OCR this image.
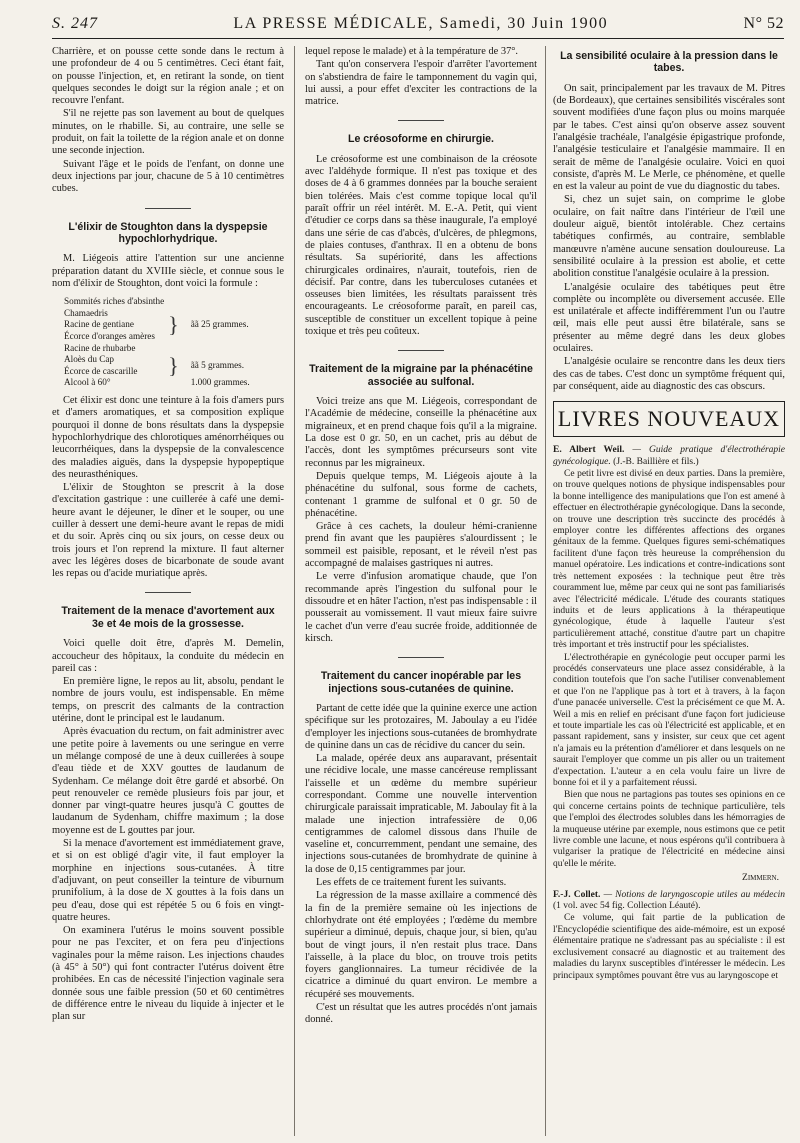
S. 247	LA PRESSE MÉDICALE, Samedi, 30 Juin 1900	N° 52

Charrière, et on pousse cette sonde dans le rectum à une profondeur de 4 ou 5 centimètres. Ceci étant fait, on pousse l'injection, et, en retirant la sonde, on tient quelques secondes le doigt sur la région anale ; et on recouvre l'enfant.

S'il ne rejette pas son lavement au bout de quelques minutes, on le rhabille. Si, au contraire, une selle se produit, on fait la toilette de la région anale et on donne une seconde injection.

Suivant l'âge et le poids de l'enfant, on donne une deux injections par jour, chacune de 5 à 10 centimètres cubes.

L'élixir de Stoughton dans la dyspepsie hypochlorhydrique.

M. Liégeois attire l'attention sur une ancienne préparation datant du XVIIIe siècle, et connue sous le nom d'élixir de Stoughton, dont voici la formule :

Sommités riches d'absinthe	}	ãã 25 grammes.
Chamaedris		
Racine de gentiane		
Écorce d'oranges amères		
Racine de rhubarbe		
Aloès du Cap	}	ãã 5 grammes.
Écorce de cascarille		
Alcool à 60°		1.000 grammes.

Cet élixir est donc une teinture à la fois d'amers purs et d'amers aromatiques, et sa composition explique pourquoi il donne de bons résultats dans la dyspepsie hypochlorhydrique des chlorotiques aménorrhéiques ou leucorrhéiques, dans la dyspepsie de la convalescence des maladies aiguës, dans la dyspepsie hypopeptique des neurasthéniques.

L'élixir de Stoughton se prescrit à la dose d'excitation gastrique : une cuillerée à café une demi-heure avant le déjeuner, le dîner et le souper, ou une cuiller à dessert une demi-heure avant le repas de midi et du soir. Après cinq ou six jours, on cesse deux ou trois jours et l'on reprend la mixture. Il faut alterner avec les légères doses de bicarbonate de soude avant les repas ou d'acide muriatique après.

Traitement de la menace d'avortement aux 3e et 4e mois de la grossesse.

Voici quelle doit être, d'après M. Demelin, accoucheur des hôpitaux, la conduite du médecin en pareil cas :

En première ligne, le repos au lit, absolu, pendant le nombre de jours voulu, est indispensable. En même temps, on prescrit des calmants de la contraction utérine, dont le principal est le laudanum.

Après évacuation du rectum, on fait administrer avec une petite poire à lavements ou une seringue en verre un mélange composé de une à deux cuillerées à soupe d'eau tiède et de XXV gouttes de laudanum de Sydenham. Ce mélange doit être gardé et absorbé. On peut renouveler ce remède plusieurs fois par jour, et donner par vingt-quatre heures jusqu'à C gouttes de laudanum de Sydenham, chiffre maximum ; la dose moyenne est de L gouttes par jour.

Si la menace d'avortement est immédiatement grave, et si on est obligé d'agir vite, il faut employer la morphine en injections sous-cutanées. À titre d'adjuvant, on peut conseiller la teinture de viburnum prunifolium, à la dose de X gouttes à la fois dans un peu d'eau, dose qui est répétée 5 ou 6 fois en vingt-quatre heures.

On examinera l'utérus le moins souvent possible pour ne pas l'exciter, et on fera peu d'injections vaginales pour la même raison. Les injections chaudes (à 45° à 50°) qui font contracter l'utérus doivent être prohibées. En cas de nécessité l'injection vaginale sera donnée sous une faible pression (50 et 60 centimètres de différence entre le niveau du liquide à injecter et le plan sur

lequel repose le malade) et à la température de 37°.

Tant qu'on conservera l'espoir d'arrêter l'avortement on s'abstiendra de faire le tamponnement du vagin qui, lui aussi, a pour effet d'exciter les contractions de la matrice.

Le créosoforme en chirurgie.

Le créosoforme est une combinaison de la créosote avec l'aldéhyde formique. Il n'est pas toxique et des doses de 4 à 6 grammes données par la bouche seraient bien tolérées. Mais c'est comme topique local qu'il paraît offrir un réel intérêt. M. E.-A. Petit, qui vient d'étudier ce corps dans sa thèse inaugurale, l'a employé dans une série de cas d'abcès, d'ulcères, de phlegmons, de plaies contuses, d'anthrax. Il en a obtenu de bons résultats. Sa supériorité, dans les affections chirurgicales ordinaires, n'aurait, toutefois, rien de décisif. Par contre, dans les tuberculoses cutanées et osseuses bien limitées, les résultats paraissent très encourageants. Le créosoforme paraît, en pareil cas, susceptible de constituer un excellent topique à peine toxique et très peu coûteux.

Traitement de la migraine par la phénacétine associée au sulfonal.

Voici treize ans que M. Liégeois, correspondant de l'Académie de médecine, conseille la phénacétine aux migraineux, et en prend chaque fois qu'il a la migraine. La dose est 0 gr. 50, en un cachet, pris au début de l'accès, dont les symptômes précurseurs sont vite reconnus par les migraineux.

Depuis quelque temps, M. Liégeois ajoute à la phénacétine du sulfonal, sous forme de cachets, contenant 1 gramme de sulfonal et 0 gr. 50 de phénacétine.

Grâce à ces cachets, la douleur hémi-cranienne prend fin avant que les paupières s'alourdissent ; le sommeil est paisible, reposant, et le réveil n'est pas accompagné de malaises gastriques ni autres.

Le verre d'infusion aromatique chaude, que l'on recommande après l'ingestion du sulfonal pour le dissoudre et en hâter l'action, n'est pas indispensable : il pousserait au vomissement. Il vaut mieux faire suivre le cachet d'un verre d'eau sucrée froide, additionnée de kirsch.

Traitement du cancer inopérable par les injections sous-cutanées de quinine.

Partant de cette idée que la quinine exerce une action spécifique sur les protozaires, M. Jaboulay a eu l'idée d'employer les injections sous-cutanées de bromhydrate de quinine dans un cas de récidive du cancer du sein.

La malade, opérée deux ans auparavant, présentait une récidive locale, une masse cancéreuse remplissant l'aisselle et un œdème du membre supérieur correspondant. Comme une nouvelle intervention chirurgicale paraissait impraticable, M. Jaboulay fit à la malade une injection intrafessière de 0,06 centigrammes de calomel dissous dans l'huile de vaseline et, concurremment, pendant une semaine, des injections sous-cutanées de bromhydrate de quinine à la dose de 0,15 centigrammes par jour.

Les effets de ce traitement furent les suivants.

La régression de la masse axillaire a commencé dès la fin de la première semaine où les injections de chlorhydrate ont été employées ; l'œdème du membre supérieur a diminué, depuis, chaque jour, si bien, qu'au bout de vingt jours, il n'en restait plus trace. Dans l'aisselle, à la place du bloc, on trouve trois petits foyers ganglionnaires. La tumeur récidivée de la cicatrice a diminué du quart environ. Le membre a récupéré ses mouvements.

C'est un résultat que les autres procédés n'ont jamais donné.

La sensibilité oculaire à la pression dans le tabes.

On sait, principalement par les travaux de M. Pitres (de Bordeaux), que certaines sensibilités viscérales sont souvent modifiées d'une façon plus ou moins marquée par le tabes. C'est ainsi qu'on observe assez souvent l'analgésie trachéale, l'analgésie épigastrique profonde, l'analgésie testiculaire et l'analgésie mammaire. Il en serait de même de l'analgésie oculaire. Voici en quoi consiste, d'après M. Le Merle, ce phénomène, et quelle en est la valeur au point de vue du diagnostic du tabes.

Si, chez un sujet sain, on comprime le globe oculaire, on fait naître dans l'intérieur de l'œil une douleur aiguë, bientôt intolérable. Chez certains tabétiques confirmés, au contraire, semblable manœuvre n'amène aucune sensation douloureuse. La sensibilité oculaire à la pression est abolie, et cette abolition constitue l'analgésie oculaire à la pression.

L'analgésie oculaire des tabétiques peut être complète ou incomplète ou diversement accusée. Elle est unilatérale et affecte indifféremment l'un ou l'autre œil, mais elle peut aussi être bilatérale, sans se présenter au même degré dans les deux globes oculaires.

L'analgésie oculaire se rencontre dans les deux tiers des cas de tabes. C'est donc un symptôme fréquent qui, par conséquent, aide au diagnostic des cas obscurs.

LIVRES NOUVEAUX

E. Albert Weil. — Guide pratique d'électrothérapie gynécologique. (J.-B. Baillière et fils.)

Ce petit livre est divisé en deux parties. Dans la première, on trouve quelques notions de physique indispensables pour la bonne intelligence des manipulations que l'on est amené à effectuer en électrothérapie gynécologique. Dans la seconde, on trouve une description très succincte des procédés à employer contre les différentes affections des organes génitaux de la femme. Quelques figures semi-schématiques facilitent d'une façon très heureuse la compréhension du manuel opératoire. Les indications et contre-indications sont très nettement exposées : la technique peut être très couramment lue, même par ceux qui ne sont pas familiarisés avec l'électricité médicale. L'étude des courants statiques induits et de leurs applications à la thérapeutique gynécologique, étude à laquelle l'auteur s'est particulièrement attaché, constitue d'autre part un chapitre très important et très instructif pour les spécialistes.

L'électrothérapie en gynécologie peut occuper parmi les procédés conservateurs une place assez considérable, à la condition toutefois que l'on sache l'utiliser convenablement et que l'on ne l'applique pas à tort et à travers, à la façon d'une panacée universelle. C'est la précisément ce que M. A. Weil a mis en relief en précisant d'une façon fort judicieuse et toute impartiale les cas où l'électricité est applicable, et en passant rapidement, sans y insister, sur ceux que cet agent n'a jamais eu la prétention d'améliorer et dans lesquels on ne saurait l'employer que comme un pis aller ou un traitement d'expectation. L'auteur a en cela voulu faire un livre de bonne foi et il y a parfaitement réussi.

Bien que nous ne partagions pas toutes ses opinions en ce qui concerne certains points de technique particulière, tels que l'emploi des électrodes solubles dans les hémorragies de la muqueuse utérine par exemple, nous estimons que ce petit livre comble une lacune, et nous espérons qu'il contribuera à vulgariser la pratique de l'électricité en médecine ainsi qu'elle le mérite.

Zimmern.

F.-J. Collet. — Notions de laryngoscopie utiles au médecin (1 vol. avec 54 fig. Collection Léauté).

Ce volume, qui fait partie de la publication de l'Encyclopédie scientifique des aide-mémoire, est un exposé élémentaire pratique ne s'adressant pas au spécialiste : il est exclusivement consacré au diagnostic et au traitement des maladies du larynx susceptibles d'intéresser le médecin. Les principaux symptômes pouvant être vus au laryngoscope et
